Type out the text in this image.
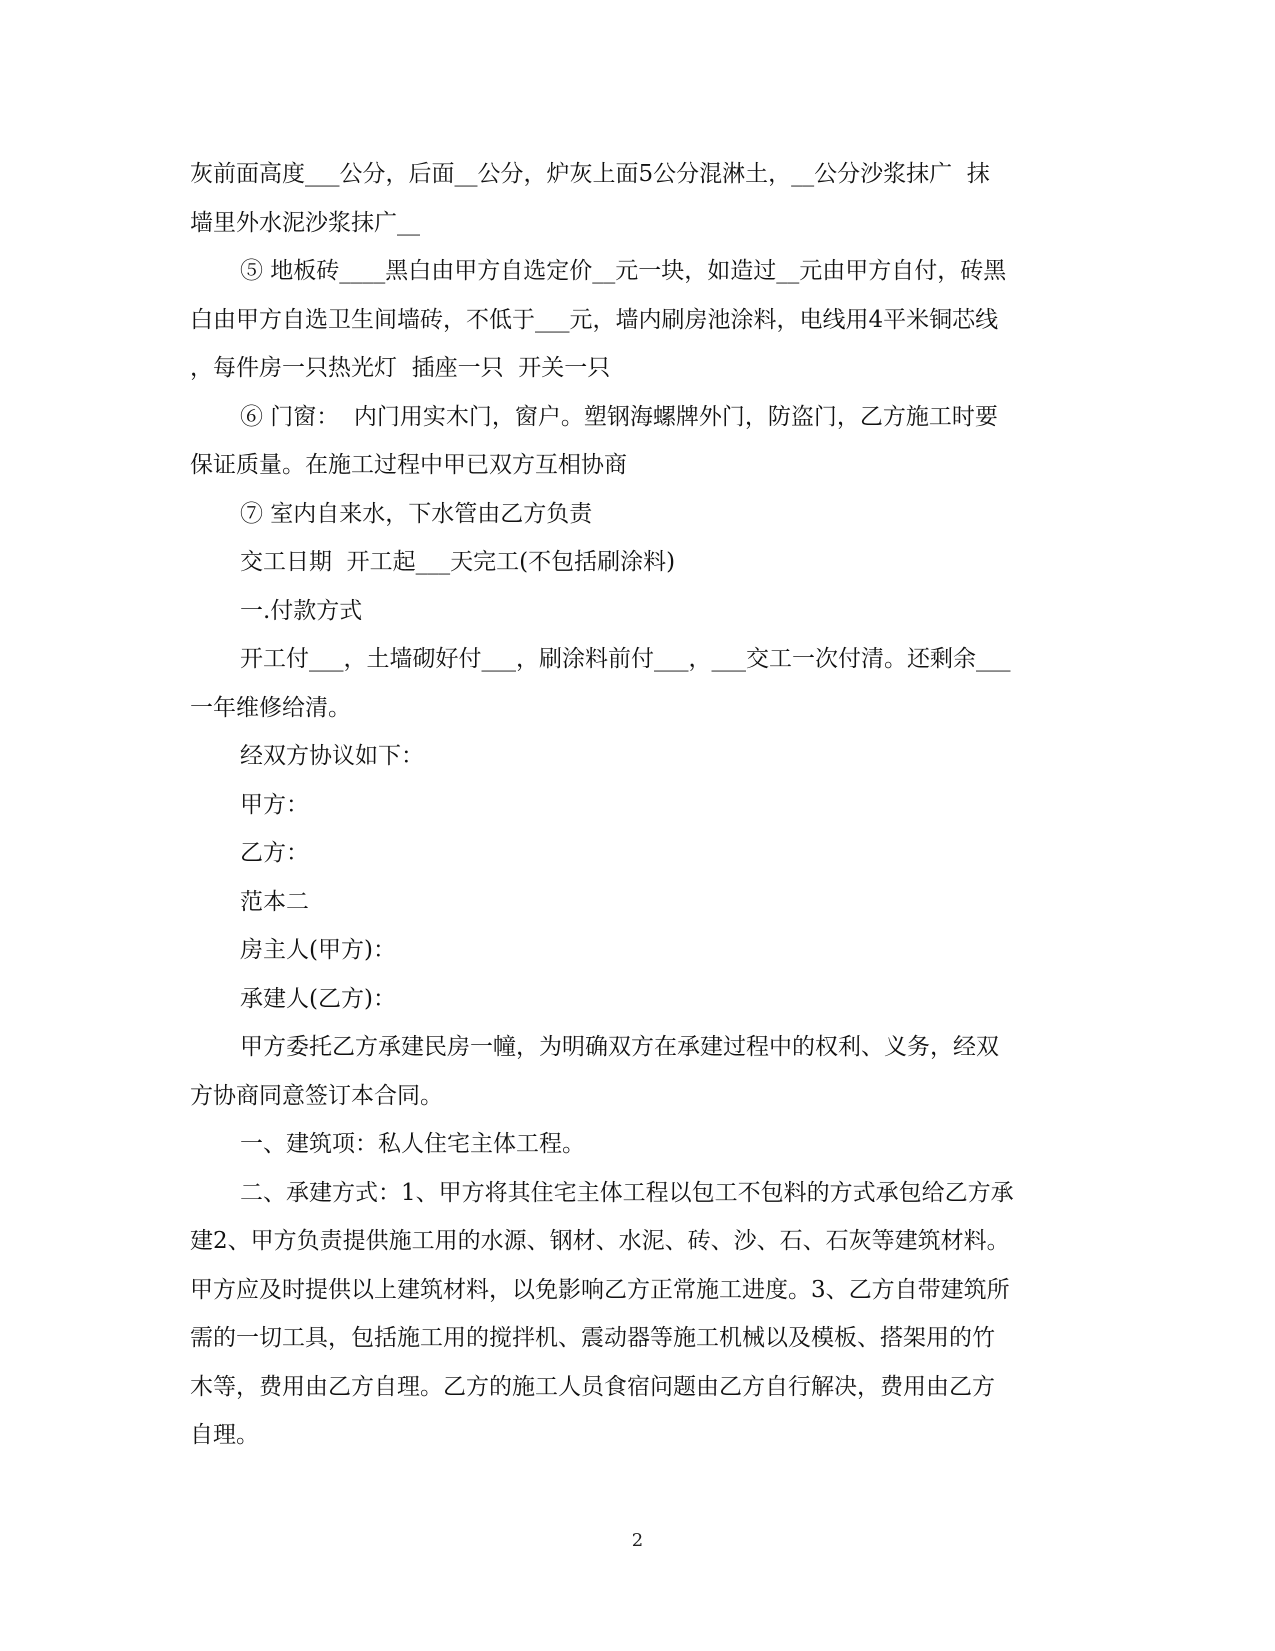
灰前面高度___公分，后面__公分，炉灰上面5公分混淋土，__公分沙浆抹广  抹
墙里外水泥沙浆抹广__
⑤ 地板砖____黑白由甲方自选定价__元一块，如造过__元由甲方自付，砖黑
白由甲方自选卫生间墙砖，不低于___元，墙内刷房池涂料，电线用4平米铜芯线
，每件房一只热光灯  插座一只  开关一只
⑥ 门窗：  内门用实木门，窗户。塑钢海螺牌外门，防盗门，乙方施工时要
保证质量。在施工过程中甲已双方互相协商
⑦ 室内自来水，下水管由乙方负责
交工日期  开工起___天完工(不包括刷涂料)
一.付款方式
开工付___，土墙砌好付___，刷涂料前付___，___交工一次付清。还剩余___
一年维修给清。
经双方协议如下：
甲方：
乙方：
范本二
房主人(甲方)：
承建人(乙方)：
甲方委托乙方承建民房一幢，为明确双方在承建过程中的权利、义务，经双
方协商同意签订本合同。
一、建筑项：私人住宅主体工程。
二、承建方式：1、甲方将其住宅主体工程以包工不包料的方式承包给乙方承
建2、甲方负责提供施工用的水源、钢材、水泥、砖、沙、石、石灰等建筑材料。
甲方应及时提供以上建筑材料，以免影响乙方正常施工进度。3、乙方自带建筑所
需的一切工具，包括施工用的搅拌机、震动器等施工机械以及模板、搭架用的竹
木等，费用由乙方自理。乙方的施工人员食宿问题由乙方自行解决，费用由乙方
自理。
2
